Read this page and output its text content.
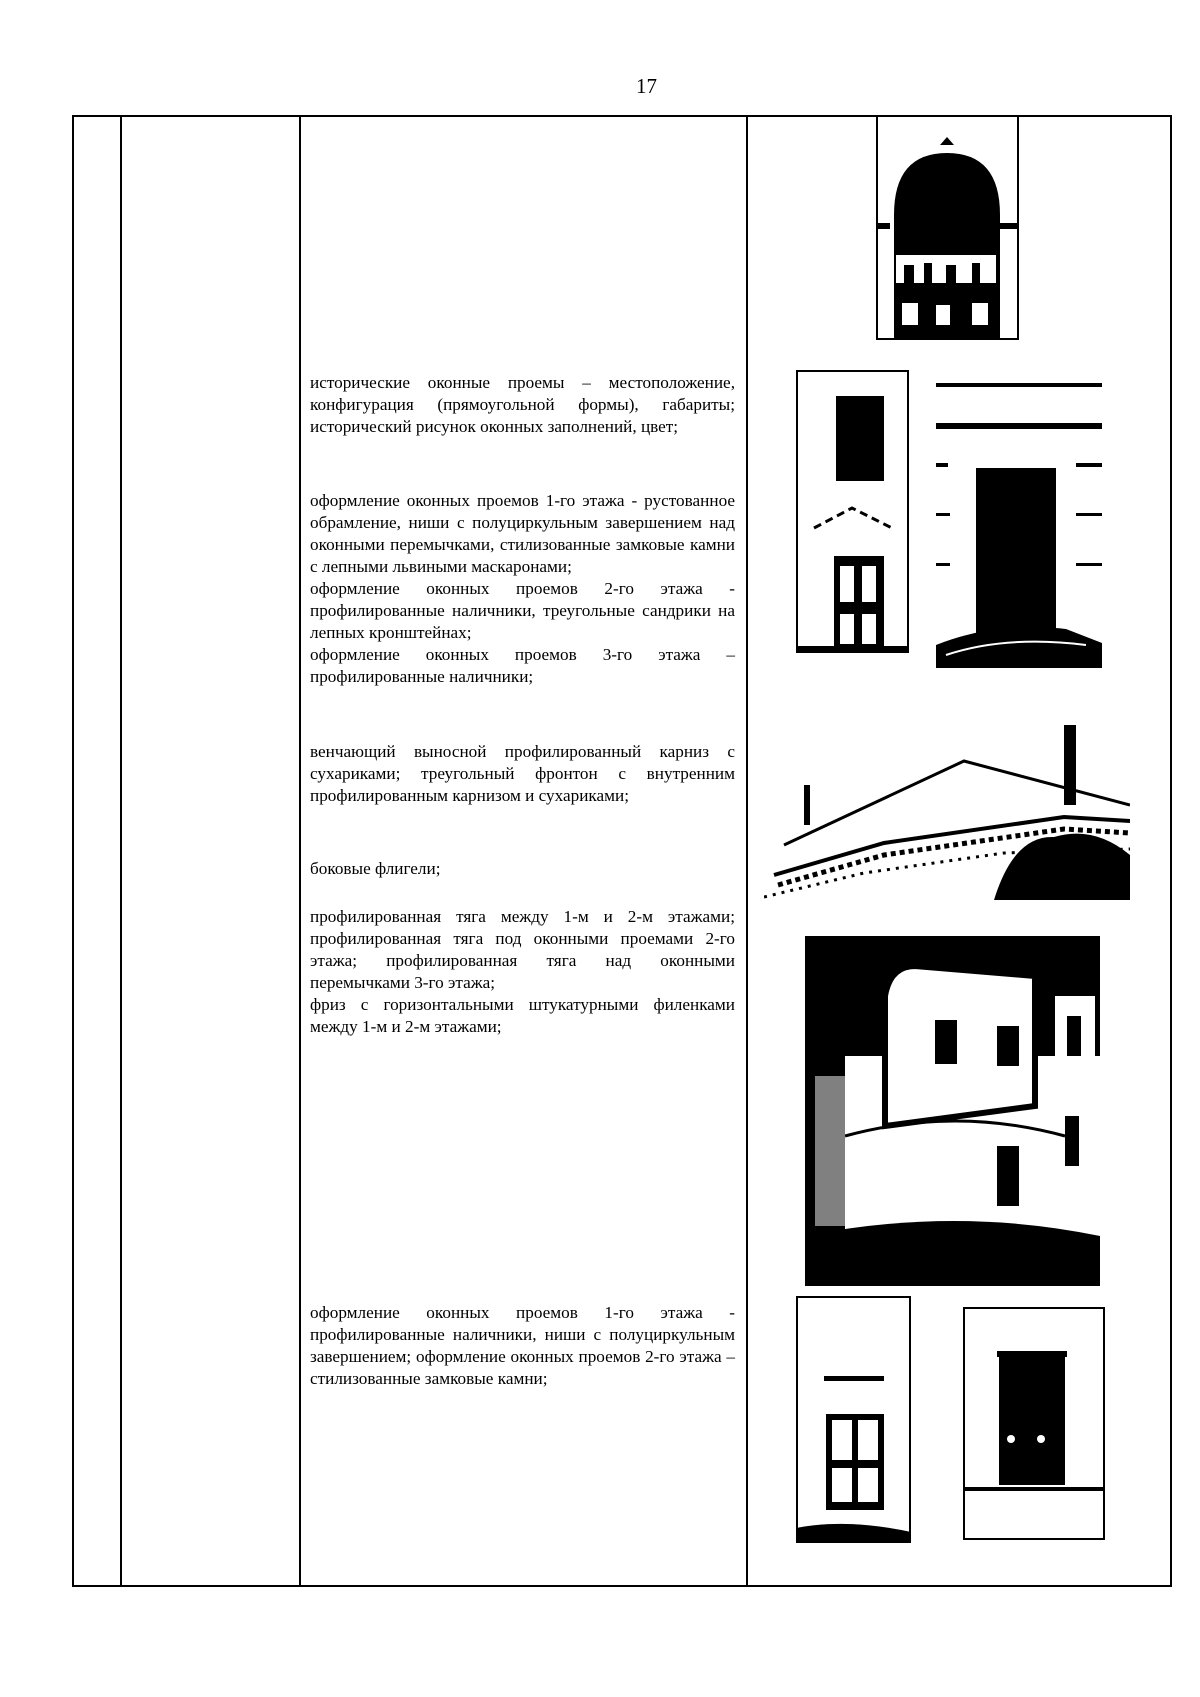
17

исторические оконные проемы – местоположение, конфигурация (прямоугольной формы), габариты; исторический рисунок оконных заполнений, цвет;

оформление оконных проемов 1-го этажа - рустованное обрамление, ниши с полуциркульным завершением над оконными перемычками, стилизованные замковые камни с лепными львиными маскаронами;

оформление оконных проемов 2-го этажа - профилированные наличники, треугольные сандрики на лепных кронштейнах;

оформление оконных проемов 3-го этажа – профилированные наличники;

венчающий выносной профилированный карниз с сухариками; треугольный фронтон с внутренним профилированным карнизом и сухариками;

боковые флигели;

профилированная тяга между 1-м и 2-м этажами; профилированная тяга под оконными проемами 2-го этажа; профилированная тяга над оконными перемычками 3-го этажа;

фриз с горизонтальными штукатурными филенками между 1-м и 2-м этажами;

оформление оконных проемов 1-го этажа - профилированные наличники, ниши с полуциркульным завершением; оформление оконных проемов 2-го этажа – стилизованные замковые камни;
